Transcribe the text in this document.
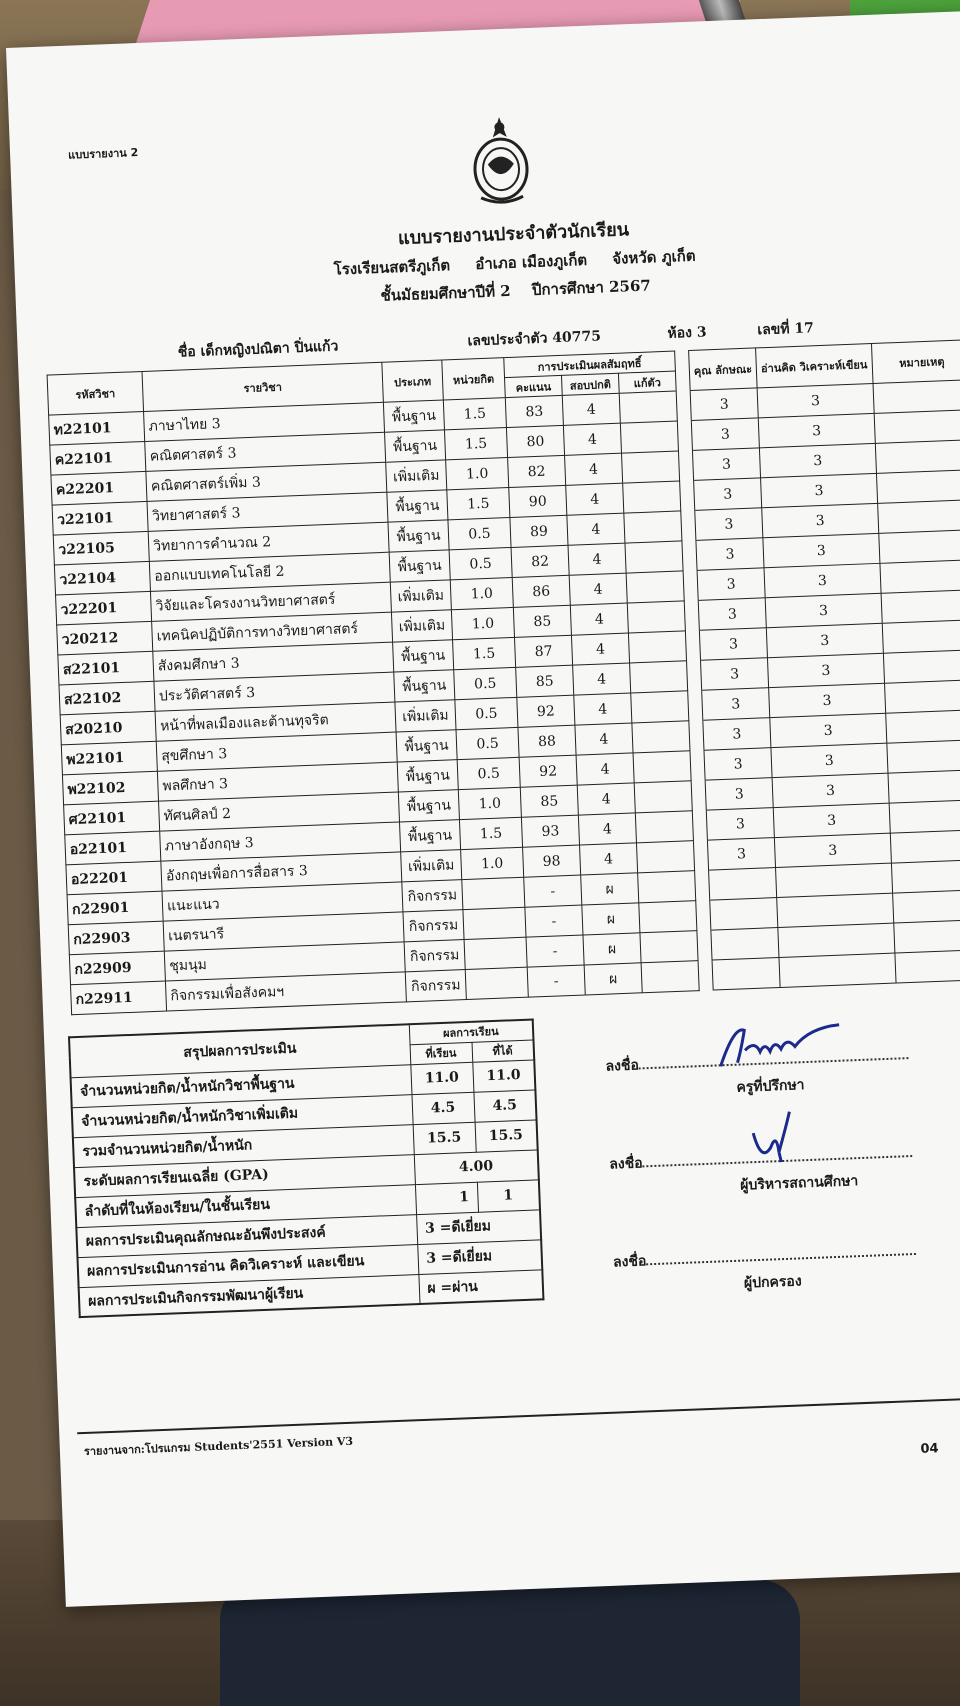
แบบรายงาน 2
แบบรายงานประจำตัวนักเรียน
โรงเรียนสตรีภูเก็ต อำเภอ เมืองภูเก็ต จังหวัด ภูเก็ต
ชั้นมัธยมศึกษาปีที่ 2 ปีการศึกษา 2567
ชื่อ เด็กหญิงปณิตา ปิ่นแก้ว	เลขประจำตัว 40775	ห้อง 3	เลขที่ 17
รหัสวิชา	รายวิชา	ประเภท	หน่วยกิต	การประเมินผลสัมฤทธิ์				คุณ ลักษณะ	อ่านคิด วิเคราะห์เขียน	หมายเหตุ
				คะแนน	สอบปกติ	แก้ตัว				
ท22101	ภาษาไทย 3	พื้นฐาน	1.5	83	4			3	3	
ค22101	คณิตศาสตร์ 3	พื้นฐาน	1.5	80	4			3	3	
ค22201	คณิตศาสตร์เพิ่ม 3	เพิ่มเติม	1.0	82	4			3	3	
ว22101	วิทยาศาสตร์ 3	พื้นฐาน	1.5	90	4			3	3	
ว22105	วิทยาการคำนวณ 2	พื้นฐาน	0.5	89	4			3	3	
ว22104	ออกแบบเทคโนโลยี 2	พื้นฐาน	0.5	82	4			3	3	
ว22201	วิจัยและโครงงานวิทยาศาสตร์	เพิ่มเติม	1.0	86	4			3	3	
ว20212	เทคนิคปฏิบัติการทางวิทยาศาสตร์	เพิ่มเติม	1.0	85	4			3	3	
ส22101	สังคมศึกษา 3	พื้นฐาน	1.5	87	4			3	3	
ส22102	ประวัติศาสตร์ 3	พื้นฐาน	0.5	85	4			3	3	
ส20210	หน้าที่พลเมืองและต้านทุจริต	เพิ่มเติม	0.5	92	4			3	3	
พ22101	สุขศึกษา 3	พื้นฐาน	0.5	88	4			3	3	
พ22102	พลศึกษา 3	พื้นฐาน	0.5	92	4			3	3	
ศ22101	ทัศนศิลป์ 2	พื้นฐาน	1.0	85	4			3	3	
อ22101	ภาษาอังกฤษ 3	พื้นฐาน	1.5	93	4			3	3	
อ22201	อังกฤษเพื่อการสื่อสาร 3	เพิ่มเติม	1.0	98	4			3	3	
ก22901	แนะแนว	กิจกรรม		-	ผ					
ก22903	เนตรนารี	กิจกรรม		-	ผ					
ก22909	ชุมนุม	กิจกรรม		-	ผ					
ก22911	กิจกรรมเพื่อสังคมฯ	กิจกรรม		-	ผ					
สรุปผลการประเมิน	ผลการเรียน	
	ที่เรียน	ที่ได้
จำนวนหน่วยกิต/น้ำหนักวิชาพื้นฐาน	11.0	11.0
จำนวนหน่วยกิต/น้ำหนักวิชาเพิ่มเติม	4.5	4.5
รวมจำนวนหน่วยกิต/น้ำหนัก	15.5	15.5
ระดับผลการเรียนเฉลี่ย (GPA)	4.00	
ลำดับที่ในห้องเรียน/ในชั้นเรียน	1	1
ผลการประเมินคุณลักษณะอันพึงประสงค์	3 =ดีเยี่ยม	
ผลการประเมินการอ่าน คิดวิเคราะห์ และเขียน	3 =ดีเยี่ยม	
ผลการประเมินกิจกรรมพัฒนาผู้เรียน	ผ =ผ่าน	
ลงชื่อ
ครูที่ปรึกษา
ลงชื่อ
ผู้บริหารสถานศึกษา
ลงชื่อ
ผู้ปกครอง
รายงานจาก:โปรแกรม Students'2551 Version V3	04
